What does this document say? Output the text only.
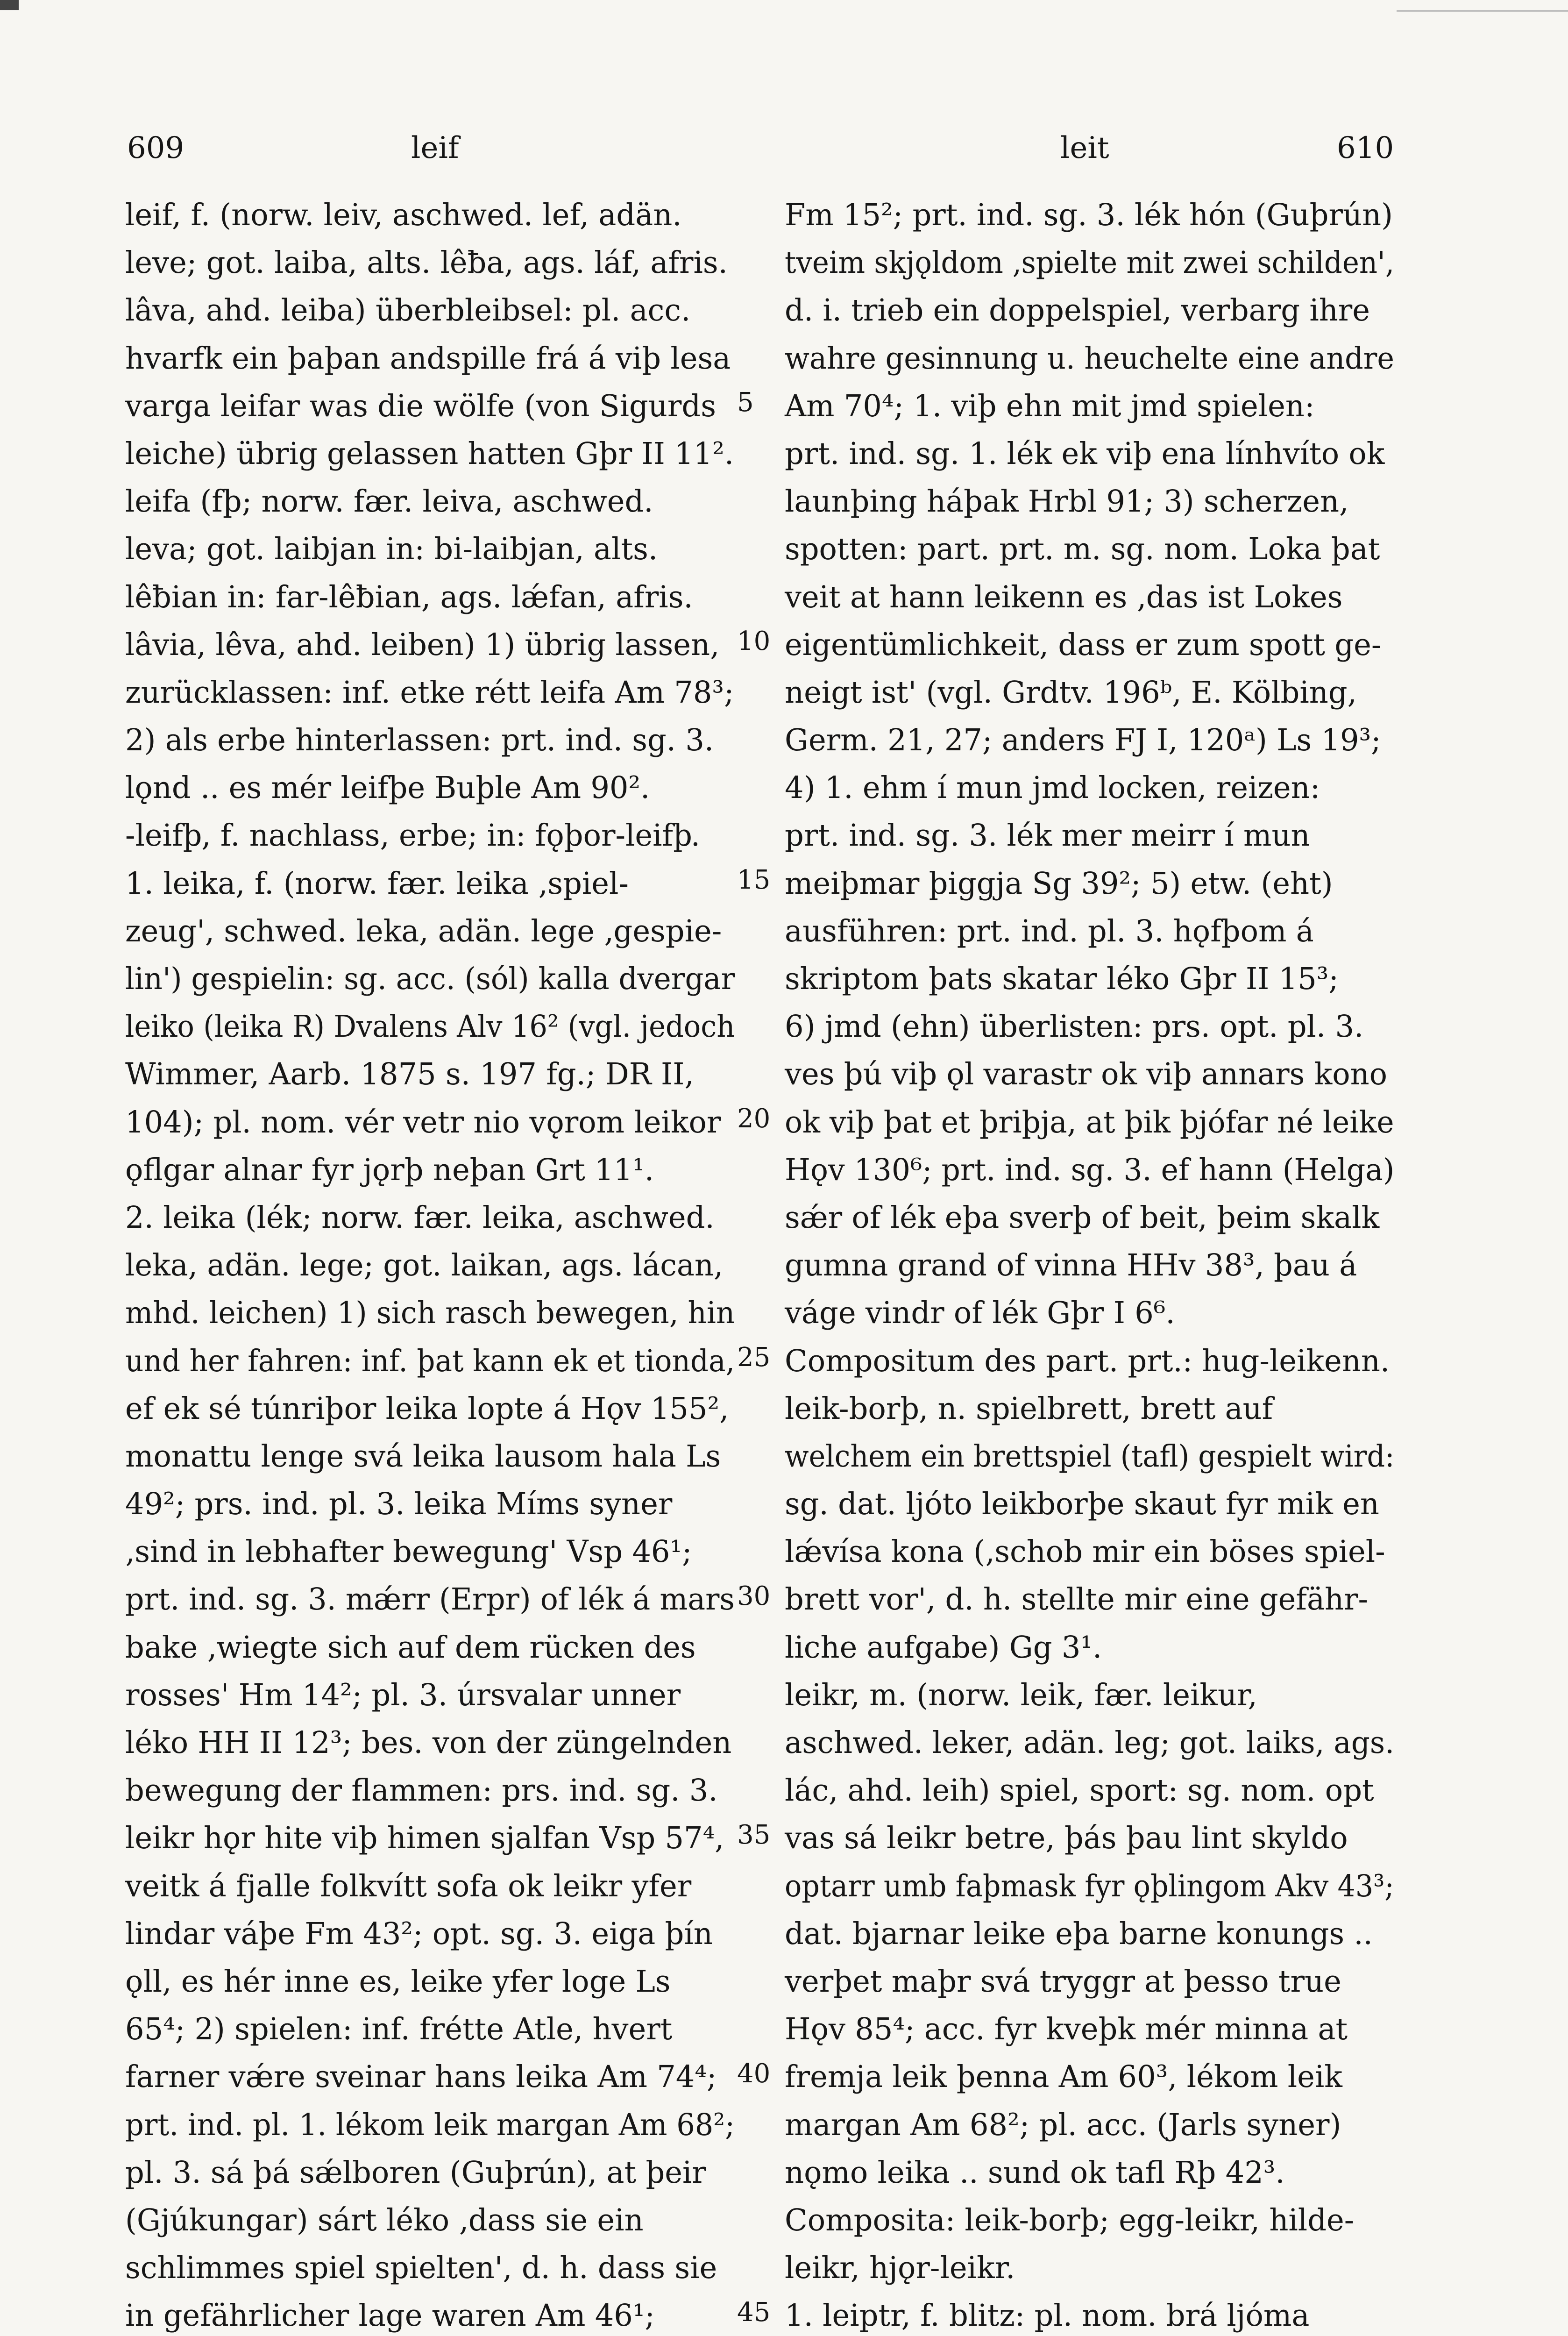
609	leif	leit	610
leif, f. (norw. leiv, aschwed. lef, adän.
leve; got. laiba, alts. lêƀa, ags. láf, afris.
lâva, ahd. leiba) überbleibsel: pl. acc.
hvarfk ein þaþan andspille frá á viþ lesa
varga leifar was die wölfe (von Sigurds
leiche) übrig gelassen hatten Gþr II 11².
leifa (fþ; norw. fær. leiva, aschwed.
leva; got. laibjan in: bi-laibjan, alts.
lêƀian in: far-lêƀian, ags. lǽfan, afris.
lâvia, lêva, ahd. leiben) 1) übrig lassen,
zurücklassen: inf. etke rétt leifa Am 78³;
2) als erbe hinterlassen: prt. ind. sg. 3.
lǫnd .. es mér leifþe Buþle Am 90².
-leifþ, f. nachlass, erbe; in: fǫþor-leifþ.
1. leika, f. (norw. fær. leika ‚spiel-
zeug', schwed. leka, adän. lege ‚gespie-
lin') gespielin: sg. acc. (sól) kalla dvergar
leiko (leika R) Dvalens Alv 16² (vgl. jedoch
Wimmer, Aarb. 1875 s. 197 fg.; DR II,
104); pl. nom. vér vetr nio vǫrom leikor
ǫflgar alnar fyr jǫrþ neþan Grt 11¹.
2. leika (lék; norw. fær. leika, aschwed.
leka, adän. lege; got. laikan, ags. lácan,
mhd. leichen) 1) sich rasch bewegen, hin
und her fahren: inf. þat kann ek et tionda,
ef ek sé túnriþor leika lopte á Hǫv 155²,
monattu lenge svá leika lausom hala Ls
49²; prs. ind. pl. 3. leika Míms syner
‚sind in lebhafter bewegung' Vsp 46¹;
prt. ind. sg. 3. mǽrr (Erpr) of lék á mars
bake ‚wiegte sich auf dem rücken des
rosses' Hm 14²; pl. 3. úrsvalar unner
léko HH II 12³; bes. von der züngelnden
bewegung der flammen: prs. ind. sg. 3.
leikr hǫr hite viþ himen sjalfan Vsp 57⁴,
veitk á fjalle folkvítt sofa ok leikr yfer
lindar váþe Fm 43²; opt. sg. 3. eiga þín
ǫll, es hér inne es, leike yfer loge Ls
65⁴; 2) spielen: inf. frétte Atle, hvert
farner vǽre sveinar hans leika Am 74⁴;
prt. ind. pl. 1. lékom leik margan Am 68²;
pl. 3. sá þá sǽlboren (Guþrún), at þeir
(Gjúkungar) sárt léko ‚dass sie ein
schlimmes spiel spielten', d. h. dass sie
in gefährlicher lage waren Am 46¹;
5
10
15
20
25
30
35
40
45
Fm 15²; prt. ind. sg. 3. lék hón (Guþrún)
tveim skjǫldom ‚spielte mit zwei schilden',
d. i. trieb ein doppelspiel, verbarg ihre
wahre gesinnung u. heuchelte eine andre
Am 70⁴; 1. viþ ehn mit jmd spielen:
prt. ind. sg. 1. lék ek viþ ena línhvíto ok
launþing háþak Hrbl 91; 3) scherzen,
spotten: part. prt. m. sg. nom. Loka þat
veit at hann leikenn es ‚das ist Lokes
eigentümlichkeit, dass er zum spott ge-
neigt ist' (vgl. Grdtv. 196ᵇ, E. Kölbing,
Germ. 21, 27; anders FJ I, 120ᵃ) Ls 19³;
4) 1. ehm í mun jmd locken, reizen:
prt. ind. sg. 3. lék mer meirr í mun
meiþmar þiggja Sg 39²; 5) etw. (eht)
ausführen: prt. ind. pl. 3. hǫfþom á
skriptom þats skatar léko Gþr II 15³;
6) jmd (ehn) überlisten: prs. opt. pl. 3.
ves þú viþ ǫl varastr ok viþ annars kono
ok viþ þat et þriþja, at þik þjófar né leike
Hǫv 130⁶; prt. ind. sg. 3. ef hann (Helga)
sǽr of lék eþa sverþ of beit, þeim skalk
gumna grand of vinna HHv 38³, þau á
váge vindr of lék Gþr I 6⁶.
Compositum des part. prt.: hug-leikenn.
leik-borþ, n. spielbrett, brett auf
welchem ein brettspiel (tafl) gespielt wird:
sg. dat. ljóto leikborþe skaut fyr mik en
lǽvísa kona (‚schob mir ein böses spiel-
brett vor', d. h. stellte mir eine gefähr-
liche aufgabe) Gg 3¹.
leikr, m. (norw. leik, fær. leikur,
aschwed. leker, adän. leg; got. laiks, ags.
lác, ahd. leih) spiel, sport: sg. nom. opt
vas sá leikr betre, þás þau lint skyldo
optarr umb faþmask fyr ǫþlingom Akv 43³;
dat. bjarnar leike eþa barne konungs ..
verþet maþr svá tryggr at þesso true
Hǫv 85⁴; acc. fyr kveþk mér minna at
fremja leik þenna Am 60³, lékom leik
margan Am 68²; pl. acc. (Jarls syner)
nǫmo leika .. sund ok tafl Rþ 42³.
Composita: leik-borþ; egg-leikr, hilde-
leikr, hjǫr-leikr.
1. leiptr, f. blitz: pl. nom. brá ljóma
